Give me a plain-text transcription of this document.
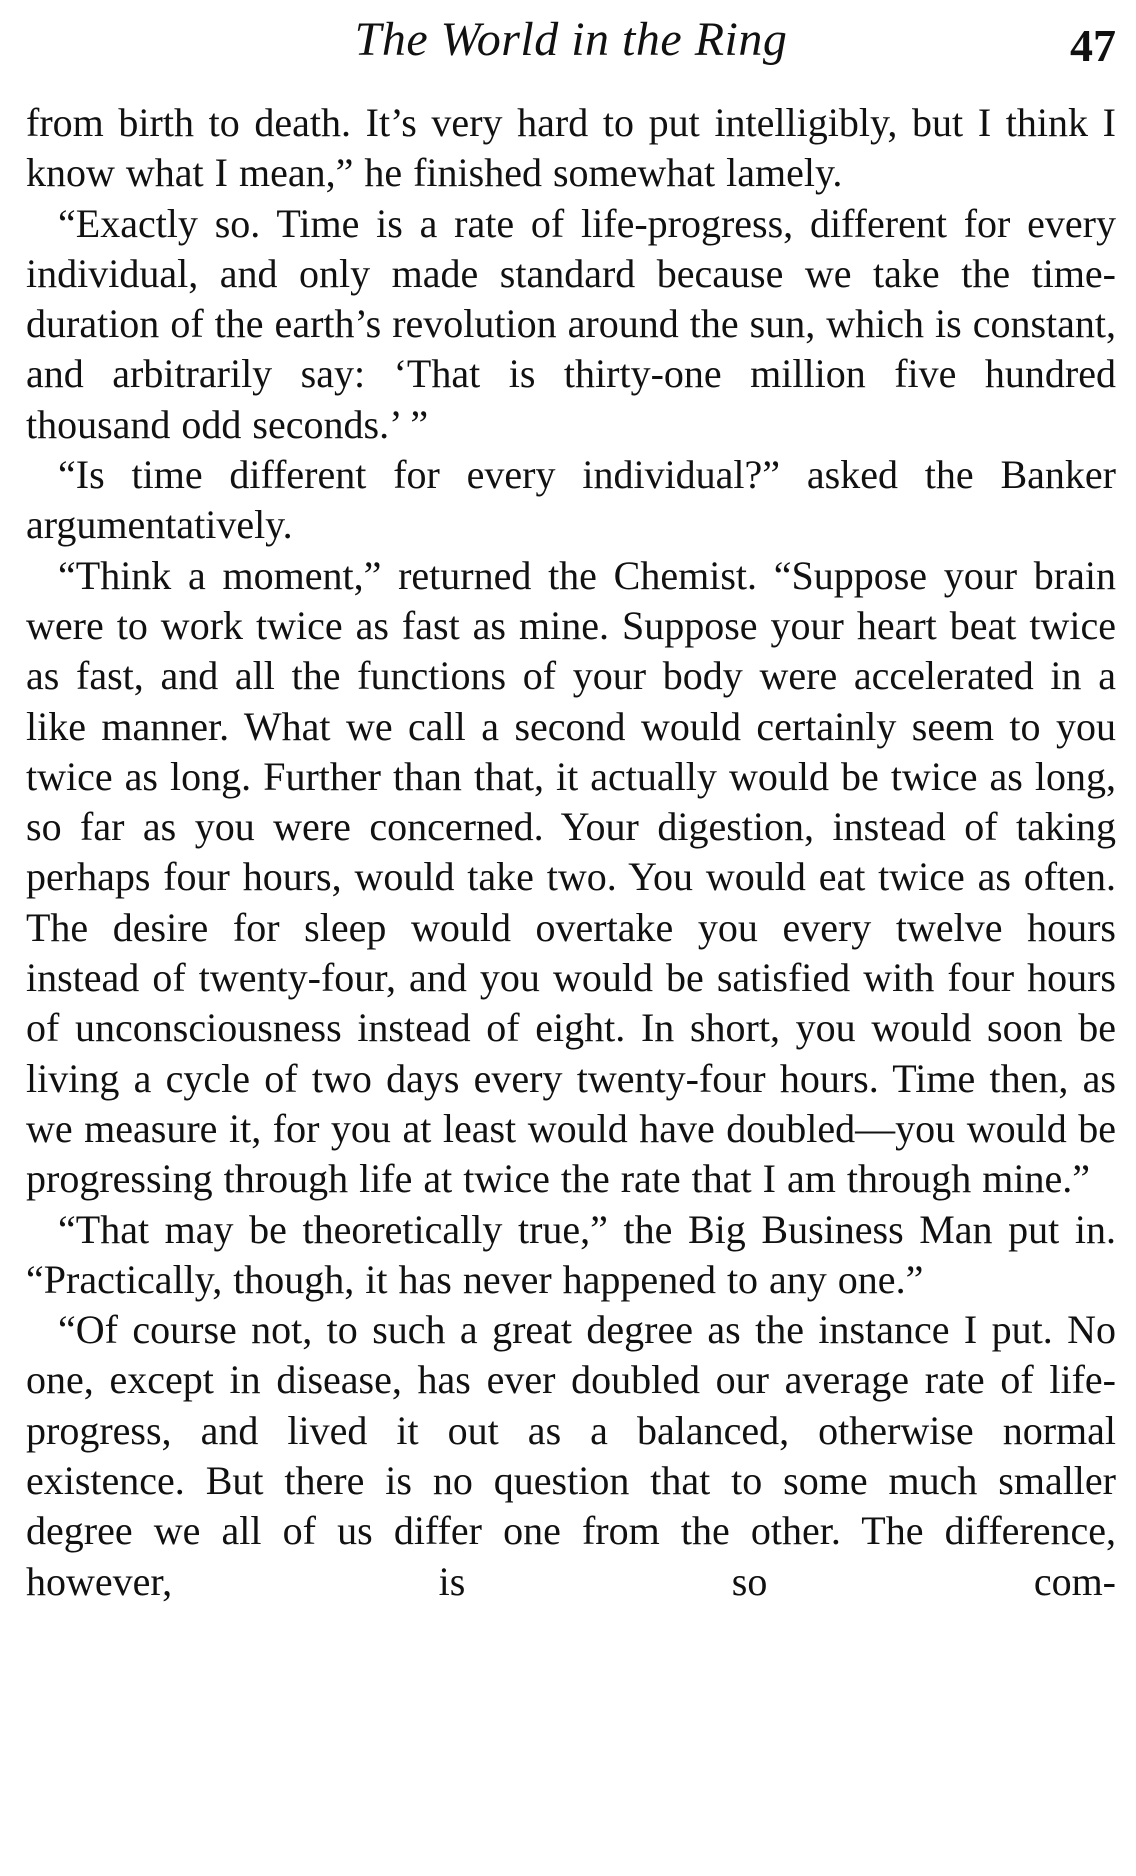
The World in the Ring	47

from birth to death. It’s very hard to put intelligibly, but I think I know what I mean,” he finished somewhat lamely.

“Exactly so. Time is a rate of life-progress, different for every individual, and only made standard because we take the time-duration of the earth’s revolution around the sun, which is constant, and arbitrarily say: ‘That is thirty-one million five hundred thousand odd seconds.’ ”

“Is time different for every individual?” asked the Banker argumentatively.

“Think a moment,” returned the Chemist. “Suppose your brain were to work twice as fast as mine. Suppose your heart beat twice as fast, and all the functions of your body were accelerated in a like manner. What we call a second would certainly seem to you twice as long. Further than that, it actually would be twice as long, so far as you were concerned. Your digestion, instead of taking perhaps four hours, would take two. You would eat twice as often. The desire for sleep would overtake you every twelve hours instead of twenty-four, and you would be satisfied with four hours of unconsciousness instead of eight. In short, you would soon be living a cycle of two days every twenty-four hours. Time then, as we measure it, for you at least would have doubled—you would be progressing through life at twice the rate that I am through mine.”

“That may be theoretically true,” the Big Business Man put in. “Practically, though, it has never happened to any one.”

“Of course not, to such a great degree as the instance I put. No one, except in disease, has ever doubled our average rate of life-progress, and lived it out as a balanced, otherwise normal existence. But there is no question that to some much smaller degree we all of us differ one from the other. The difference, however, is so com-
